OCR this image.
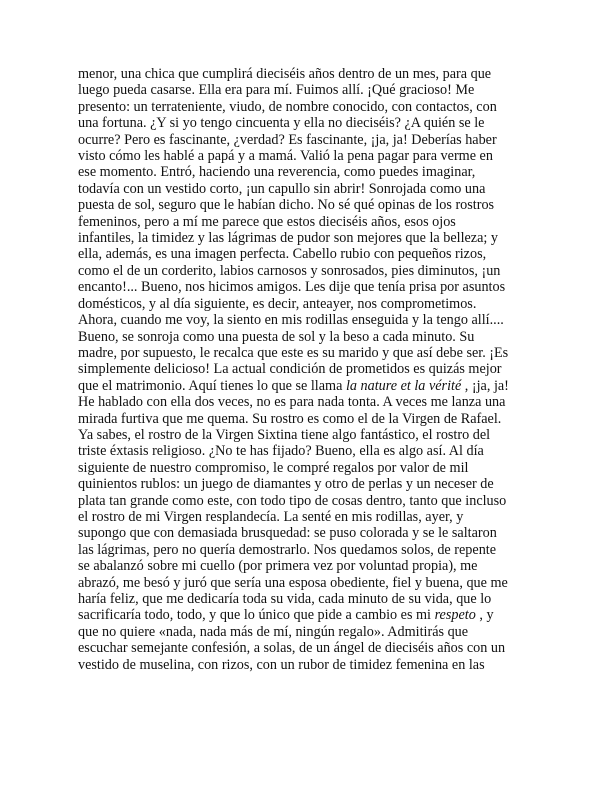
menor, una chica que cumplirá dieciséis años dentro de un mes, para que
luego pueda casarse. Ella era para mí. Fuimos allí. ¡Qué gracioso! Me
presento: un terrateniente, viudo, de nombre conocido, con contactos, con
una fortuna. ¿Y si yo tengo cincuenta y ella no dieciséis? ¿A quién se le
ocurre? Pero es fascinante, ¿verdad? Es fascinante, ¡ja, ja! Deberías haber
visto cómo les hablé a papá y a mamá. Valió la pena pagar para verme en
ese momento. Entró, haciendo una reverencia, como puedes imaginar,
todavía con un vestido corto, ¡un capullo sin abrir! Sonrojada como una
puesta de sol, seguro que le habían dicho. No sé qué opinas de los rostros
femeninos, pero a mí me parece que estos dieciséis años, esos ojos
infantiles, la timidez y las lágrimas de pudor son mejores que la belleza; y
ella, además, es una imagen perfecta. Cabello rubio con pequeños rizos,
como el de un corderito, labios carnosos y sonrosados, pies diminutos, ¡un
encanto!... Bueno, nos hicimos amigos. Les dije que tenía prisa por asuntos
domésticos, y al día siguiente, es decir, anteayer, nos comprometimos.
Ahora, cuando me voy, la siento en mis rodillas enseguida y la tengo allí....
Bueno, se sonroja como una puesta de sol y la beso a cada minuto. Su
madre, por supuesto, le recalca que este es su marido y que así debe ser. ¡Es
simplemente delicioso! La actual condición de prometidos es quizás mejor
que el matrimonio. Aquí tienes lo que se llama la nature et la vérité , ¡ja, ja!
He hablado con ella dos veces, no es para nada tonta. A veces me lanza una
mirada furtiva que me quema. Su rostro es como el de la Virgen de Rafael.
Ya sabes, el rostro de la Virgen Sixtina tiene algo fantástico, el rostro del
triste éxtasis religioso. ¿No te has fijado? Bueno, ella es algo así. Al día
siguiente de nuestro compromiso, le compré regalos por valor de mil
quinientos rublos: un juego de diamantes y otro de perlas y un neceser de
plata tan grande como este, con todo tipo de cosas dentro, tanto que incluso
el rostro de mi Virgen resplandecía. La senté en mis rodillas, ayer, y
supongo que con demasiada brusquedad: se puso colorada y se le saltaron
las lágrimas, pero no quería demostrarlo. Nos quedamos solos, de repente
se abalanzó sobre mi cuello (por primera vez por voluntad propia), me
abrazó, me besó y juró que sería una esposa obediente, fiel y buena, que me
haría feliz, que me dedicaría toda su vida, cada minuto de su vida, que lo
sacrificaría todo, todo, y que lo único que pide a cambio es mi respeto , y
que no quiere «nada, nada más de mí, ningún regalo». Admitirás que
escuchar semejante confesión, a solas, de un ángel de dieciséis años con un
vestido de muselina, con rizos, con un rubor de timidez femenina en las
